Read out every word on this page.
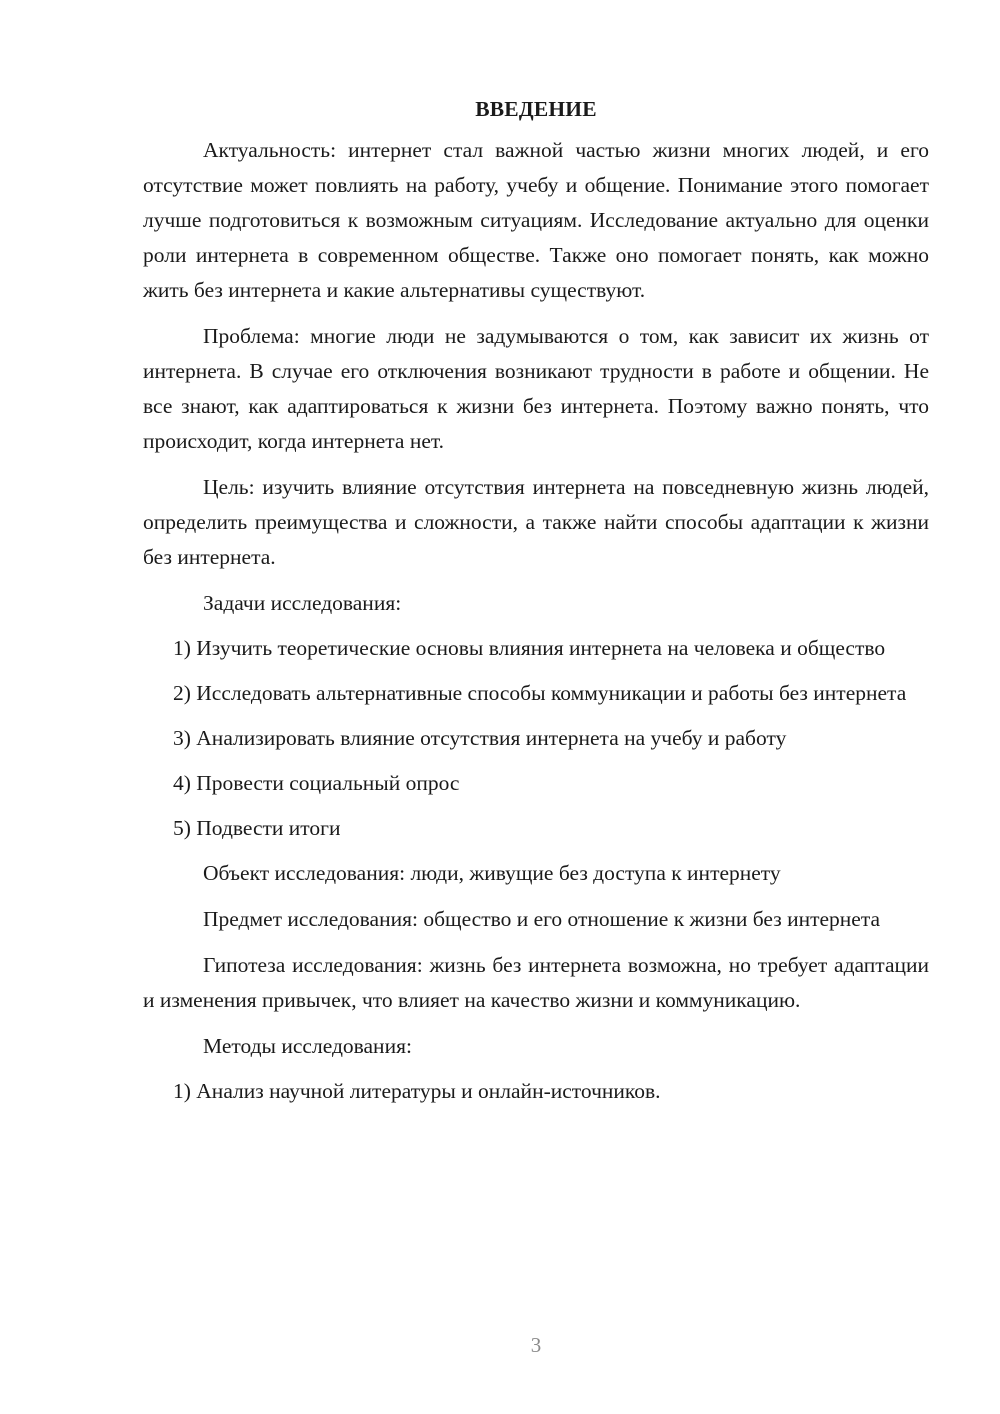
ВВЕДЕНИЕ

Актуальность: интернет стал важной частью жизни многих людей, и его отсутствие может повлиять на работу, учебу и общение. Понимание этого помогает лучше подготовиться к возможным ситуациям. Исследование актуально для оценки роли интернета в современном обществе. Также оно помогает понять, как можно жить без интернета и какие альтернативы существуют.

Проблема: многие люди не задумываются о том, как зависит их жизнь от интернета. В случае его отключения возникают трудности в работе и общении. Не все знают, как адаптироваться к жизни без интернета. Поэтому важно понять, что происходит, когда интернета нет.

Цель: изучить влияние отсутствия интернета на повседневную жизнь людей, определить преимущества и сложности, а также найти способы адаптации к жизни без интернета.

Задачи исследования:

1) Изучить теоретические основы влияния интернета на человека и общество

2) Исследовать альтернативные способы коммуникации и работы без интернета

3) Анализировать влияние отсутствия интернета на учебу и работу

4) Провести социальный опрос

5) Подвести итоги

Объект исследования: люди, живущие без доступа к интернету

Предмет исследования: общество и его отношение к жизни без интернета

Гипотеза исследования: жизнь без интернета возможна, но требует адаптации и изменения привычек, что влияет на качество жизни и коммуникацию.

Методы исследования:

1) Анализ научной литературы и онлайн-источников.

3
